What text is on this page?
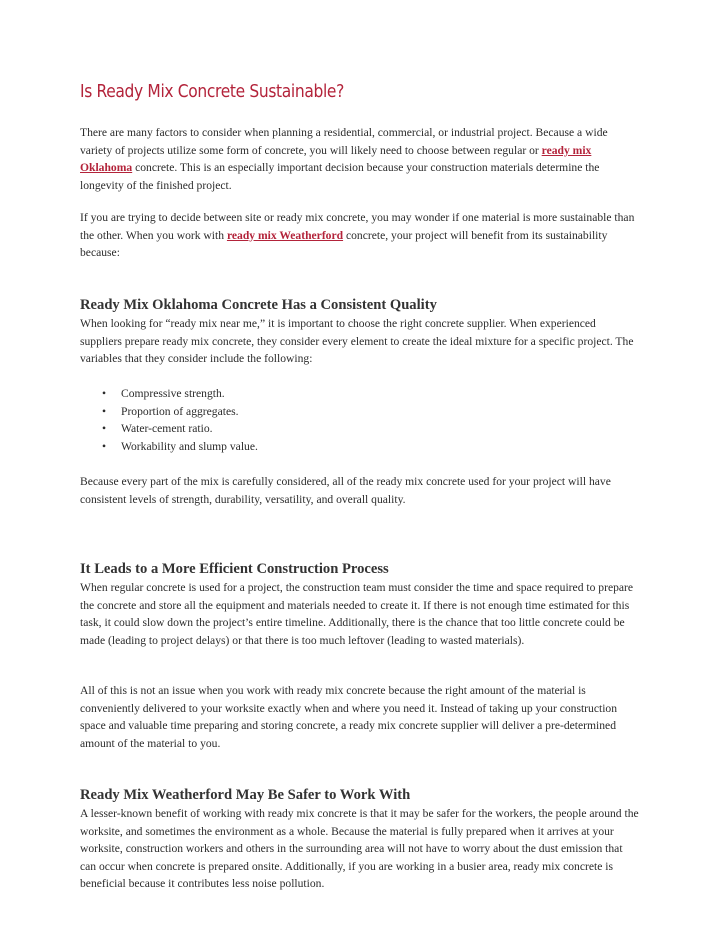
Is Ready Mix Concrete Sustainable?

There are many factors to consider when planning a residential, commercial, or industrial project. Because a wide variety of projects utilize some form of concrete, you will likely need to choose between regular or ready mix Oklahoma concrete. This is an especially important decision because your construction materials determine the longevity of the finished project.

If you are trying to decide between site or ready mix concrete, you may wonder if one material is more sustainable than the other. When you work with ready mix Weatherford concrete, your project will benefit from its sustainability because:

Ready Mix Oklahoma Concrete Has a Consistent Quality

When looking for “ready mix near me,” it is important to choose the right concrete supplier. When experienced suppliers prepare ready mix concrete, they consider every element to create the ideal mixture for a specific project. The variables that they consider include the following:

• Compressive strength.
• Proportion of aggregates.
• Water-cement ratio.
• Workability and slump value.

Because every part of the mix is carefully considered, all of the ready mix concrete used for your project will have consistent levels of strength, durability, versatility, and overall quality.

It Leads to a More Efficient Construction Process

When regular concrete is used for a project, the construction team must consider the time and space required to prepare the concrete and store all the equipment and materials needed to create it. If there is not enough time estimated for this task, it could slow down the project’s entire timeline. Additionally, there is the chance that too little concrete could be made (leading to project delays) or that there is too much leftover (leading to wasted materials).

All of this is not an issue when you work with ready mix concrete because the right amount of the material is conveniently delivered to your worksite exactly when and where you need it. Instead of taking up your construction space and valuable time preparing and storing concrete, a ready mix concrete supplier will deliver a pre-determined amount of the material to you.

Ready Mix Weatherford May Be Safer to Work With

A lesser-known benefit of working with ready mix concrete is that it may be safer for the workers, the people around the worksite, and sometimes the environment as a whole. Because the material is fully prepared when it arrives at your worksite, construction workers and others in the surrounding area will not have to worry about the dust emission that can occur when concrete is prepared onsite. Additionally, if you are working in a busier area, ready mix concrete is beneficial because it contributes less noise pollution.
